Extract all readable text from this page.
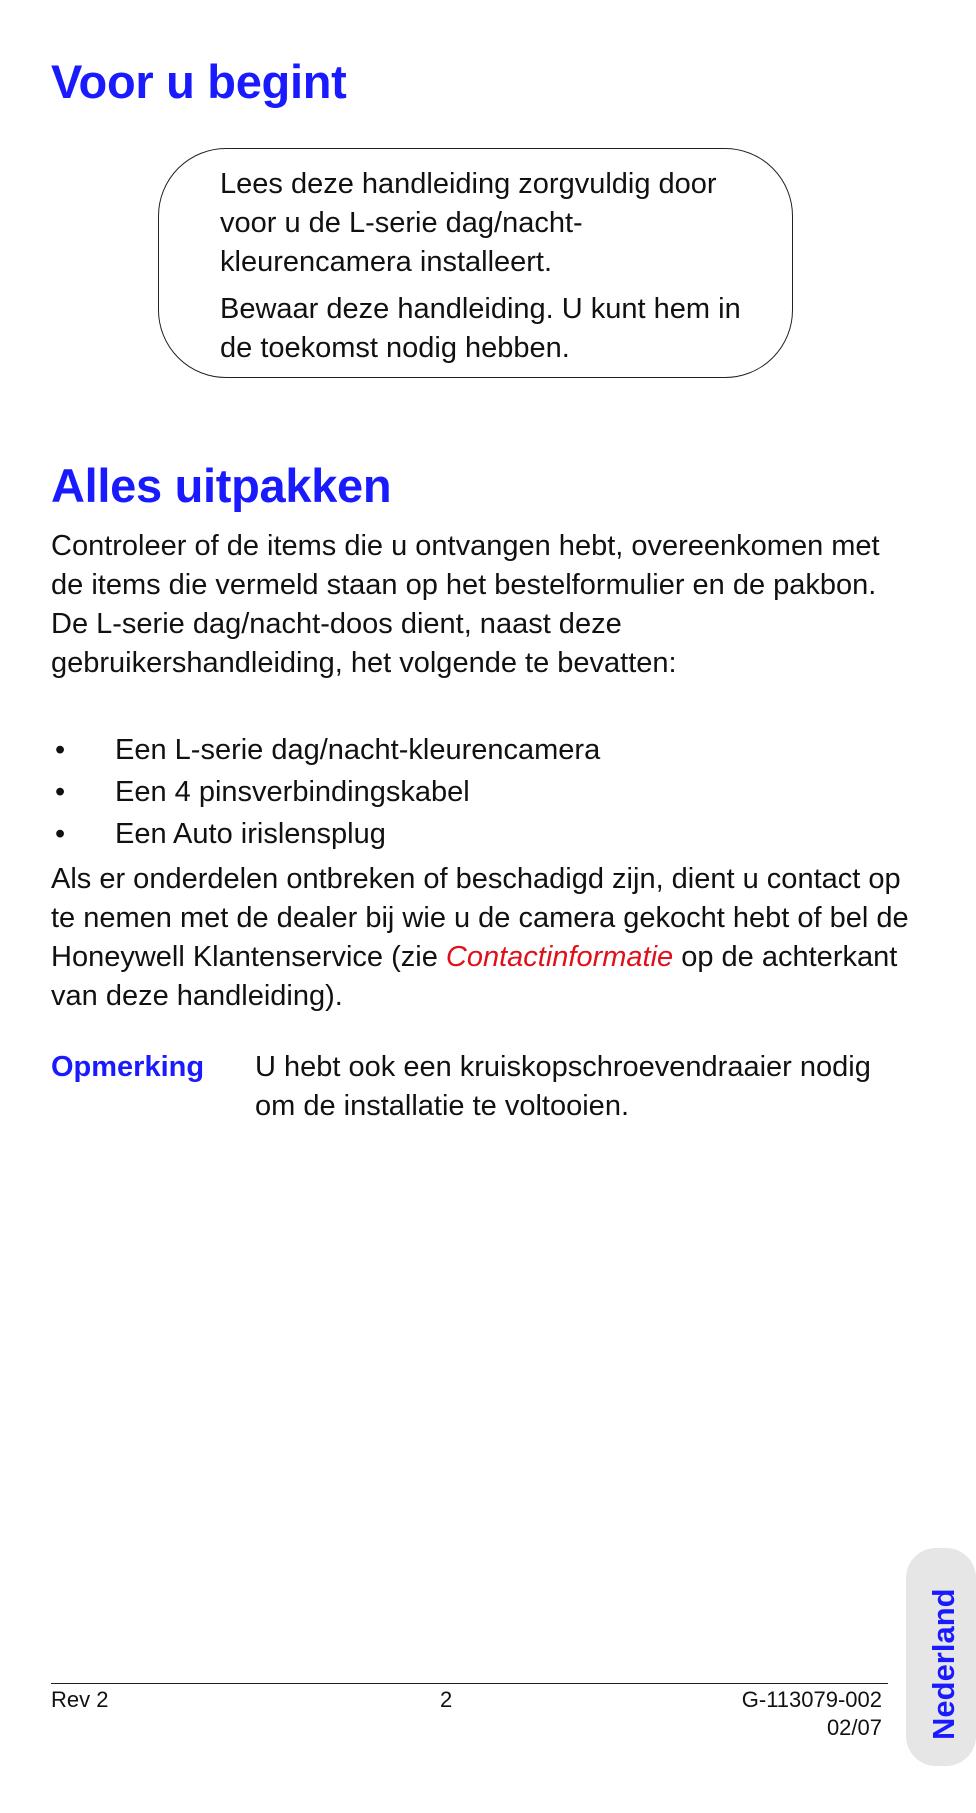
Voor u begint

Lees deze handleiding zorgvuldig door voor u de L-serie dag/nacht-kleurencamera installeert.

Bewaar deze handleiding. U kunt hem in de toekomst nodig hebben.

Alles uitpakken

Controleer of de items die u ontvangen hebt, overeenkomen met de items die vermeld staan op het bestelformulier en de pakbon. De L-serie dag/nacht-doos dient, naast deze gebruikershandleiding, het volgende te bevatten:

• Een L-serie dag/nacht-kleurencamera
• Een 4 pinsverbindingskabel
• Een Auto irislensplug

Als er onderdelen ontbreken of beschadigd zijn, dient u contact op te nemen met de dealer bij wie u de camera gekocht hebt of bel de Honeywell Klantenservice (zie Contactinformatie op de achterkant van deze handleiding).

Opmerking U hebt ook een kruiskopschroevendraaier nodig om de installatie te voltooien.
Rev 2	2	G-113079-002
02/07 Nederland
